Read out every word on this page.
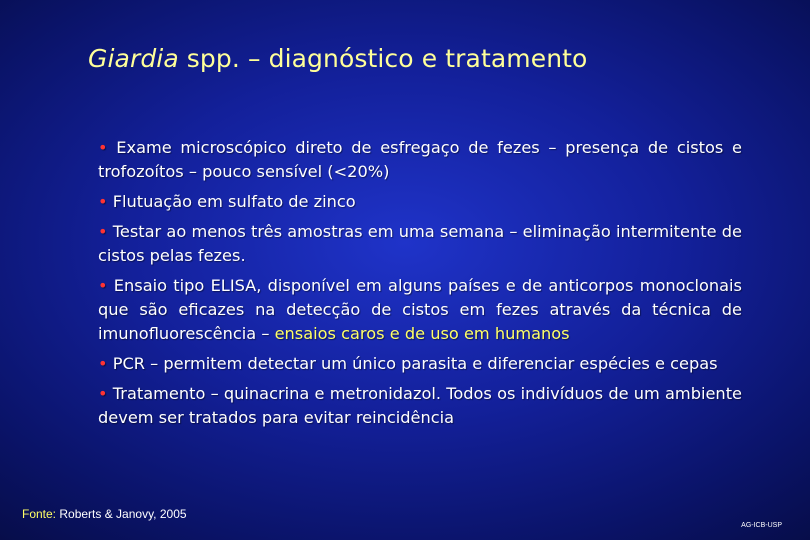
Giardia spp. – diagnóstico e tratamento
• Exame microscópico direto de esfregaço de fezes – presença de cistos e trofozoítos – pouco sensível (<20%)
• Flutuação em sulfato de zinco
• Testar ao menos três amostras em uma semana – eliminação intermitente de cistos pelas fezes.
• Ensaio tipo ELISA, disponível em alguns países e de anticorpos monoclonais que são eficazes na detecção de cistos em fezes através da técnica de imunofluorescência – ensaios caros e de uso em humanos
• PCR – permitem detectar um único parasita e diferenciar espécies e cepas
• Tratamento – quinacrina e metronidazol. Todos os indivíduos de um ambiente devem ser tratados para evitar reincidência
Fonte: Roberts & Janovy, 2005
AG-ICB-USP
